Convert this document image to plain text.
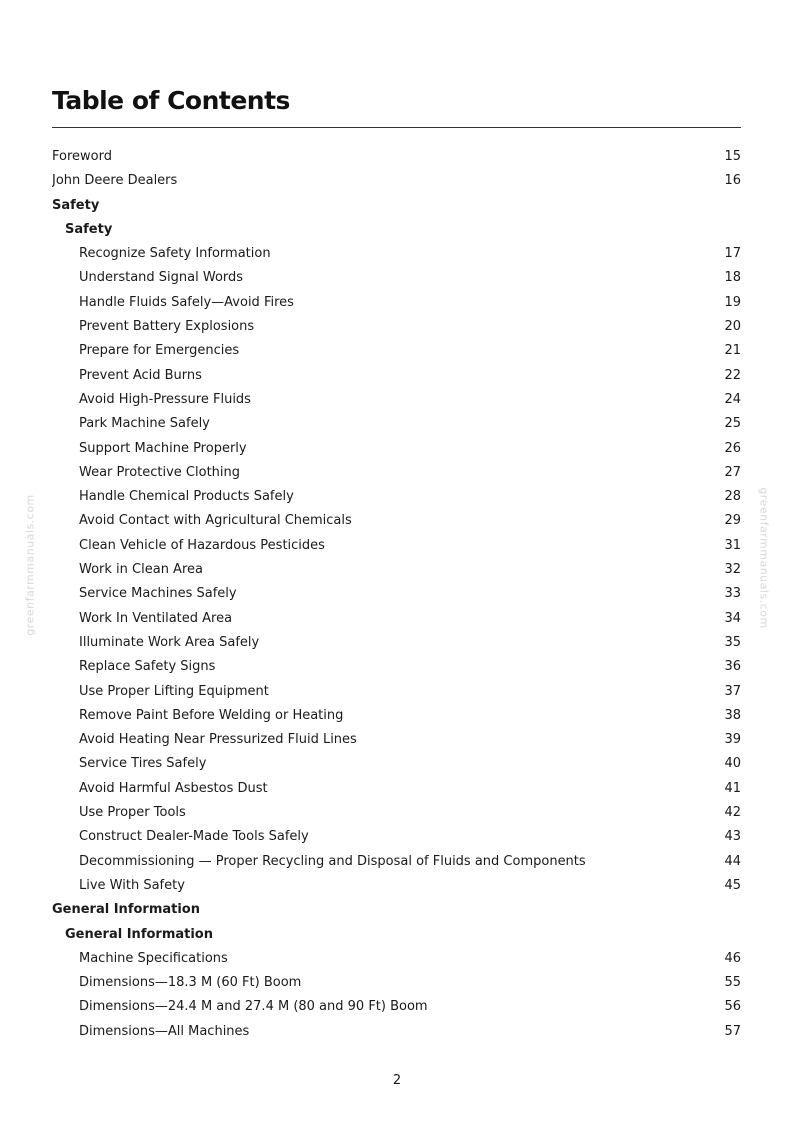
Table of Contents
Foreword	15
John Deere Dealers	16
Safety
Safety
Recognize Safety Information	17
Understand Signal Words	18
Handle Fluids Safely—Avoid Fires	19
Prevent Battery Explosions	20
Prepare for Emergencies	21
Prevent Acid Burns	22
Avoid High-Pressure Fluids	24
Park Machine Safely	25
Support Machine Properly	26
Wear Protective Clothing	27
Handle Chemical Products Safely	28
Avoid Contact with Agricultural Chemicals	29
Clean Vehicle of Hazardous Pesticides	31
Work in Clean Area	32
Service Machines Safely	33
Work In Ventilated Area	34
Illuminate Work Area Safely	35
Replace Safety Signs	36
Use Proper Lifting Equipment	37
Remove Paint Before Welding or Heating	38
Avoid Heating Near Pressurized Fluid Lines	39
Service Tires Safely	40
Avoid Harmful Asbestos Dust	41
Use Proper Tools	42
Construct Dealer-Made Tools Safely	43
Decommissioning — Proper Recycling and Disposal of Fluids and Components	44
Live With Safety	45
General Information
General Information
Machine Specifications	46
Dimensions—18.3 M (60 Ft) Boom	55
Dimensions—24.4 M and 27.4 M (80 and 90 Ft) Boom	56
Dimensions—All Machines	57
greenfarmmanuals.com	greenfarmmanuals.com
2
